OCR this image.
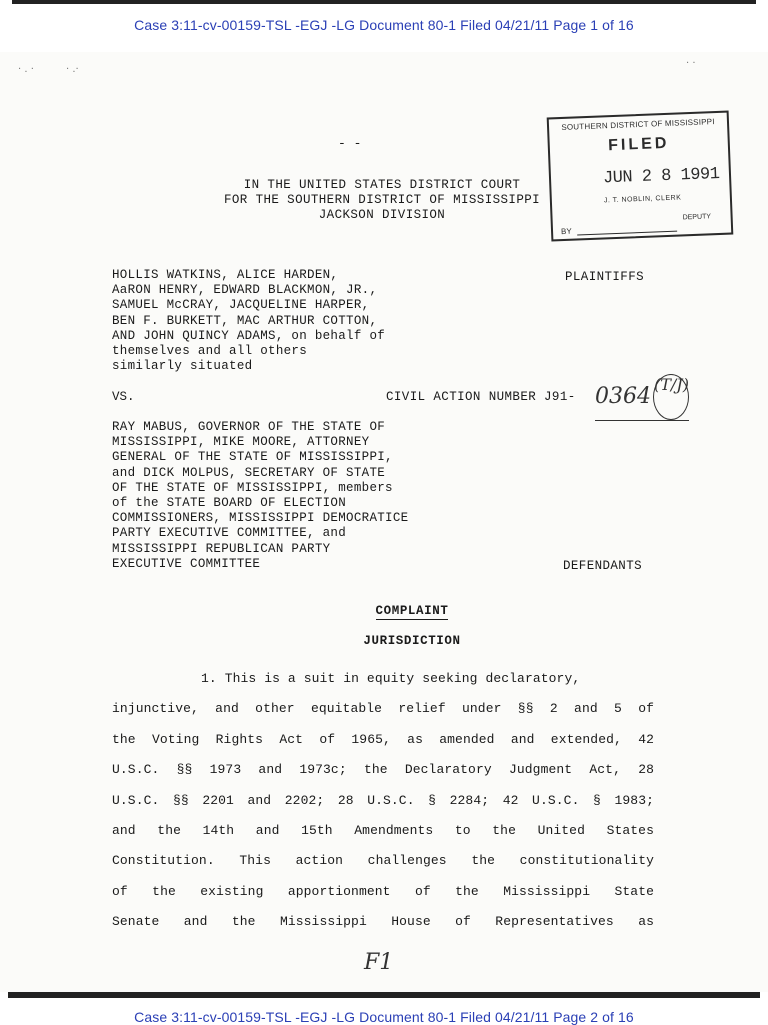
Case 3:11-cv-00159-TSL -EGJ -LG Document 80-1 Filed 04/21/11 Page 1 of 16
· . ·	· .·
· ·
- -
SOUTHERN DISTRICT OF MISSISSIPPI
FILED
JUN 2 8 1991
J. T. NOBLIN, CLERK
BY
DEPUTY
IN THE UNITED STATES DISTRICT COURT
FOR THE SOUTHERN DISTRICT OF MISSISSIPPI
JACKSON DIVISION
HOLLIS WATKINS, ALICE HARDEN,
AaRON HENRY, EDWARD BLACKMON, JR.,
SAMUEL McCRAY, JACQUELINE HARPER,
BEN F. BURKETT, MAC ARTHUR COTTON,
AND JOHN QUINCY ADAMS, on behalf of
themselves and all others
similarly situated
PLAINTIFFS
VS.	CIVIL ACTION NUMBER J91- 0364 (T/J)
RAY MABUS, GOVERNOR OF THE STATE OF
MISSISSIPPI, MIKE MOORE, ATTORNEY
GENERAL OF THE STATE OF MISSISSIPPI,
and DICK MOLPUS, SECRETARY OF STATE
OF THE STATE OF MISSISSIPPI, members
of the STATE BOARD OF ELECTION
COMMISSIONERS, MISSISSIPPI DEMOCRATICE
PARTY EXECUTIVE COMMITTEE, and
MISSISSIPPI REPUBLICAN PARTY
EXECUTIVE COMMITTEE	DEFENDANTS
COMPLAINT
JURISDICTION
1. This is a suit in equity seeking declaratory,
injunctive, and other equitable relief under §§ 2 and 5 of
the Voting Rights Act of 1965, as amended and extended, 42
U.S.C. §§ 1973 and 1973c; the Declaratory Judgment Act, 28
U.S.C. §§ 2201 and 2202; 28 U.S.C. § 2284; 42 U.S.C. § 1983;
and the 14th and 15th Amendments to the United States
Constitution. This action challenges the constitutionality
of the existing apportionment of the Mississippi State
Senate and the Mississippi House of Representatives as
F1
Case 3:11-cv-00159-TSL -EGJ -LG Document 80-1 Filed 04/21/11 Page 2 of 16
